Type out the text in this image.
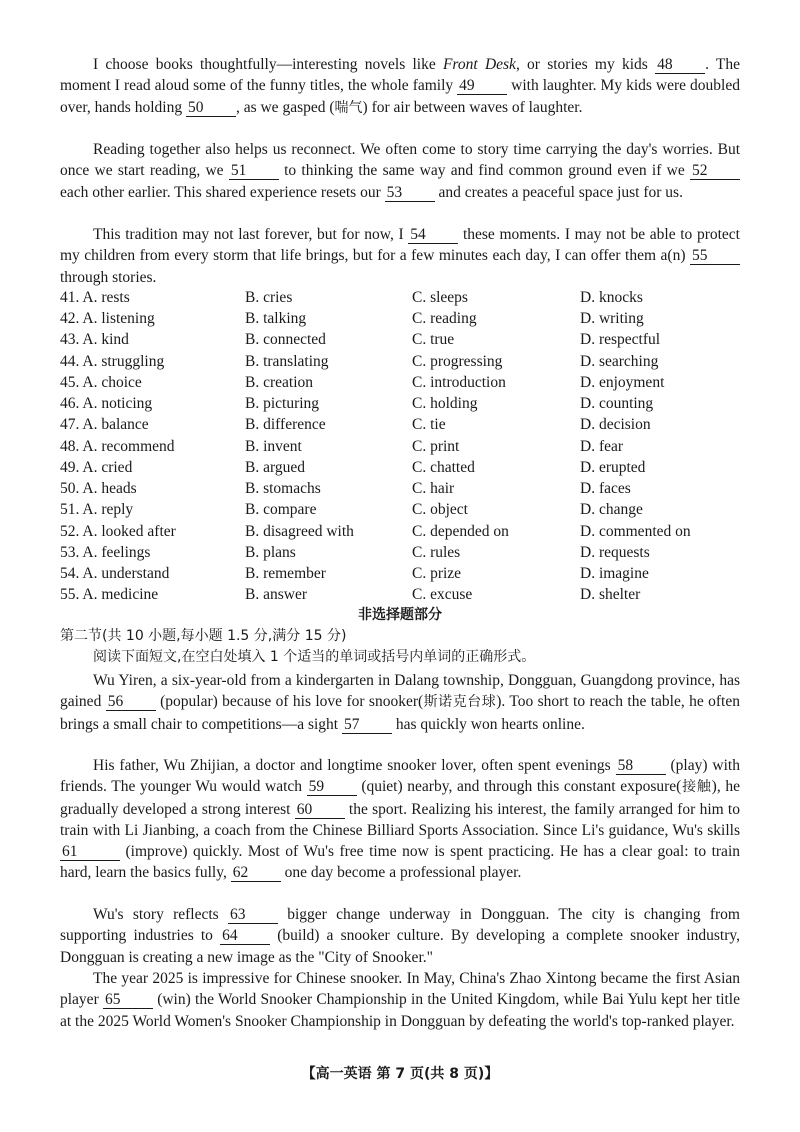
I choose books thoughtfully—interesting novels like Front Desk, or stories my kids 48 . The moment I read aloud some of the funny titles, the whole family 49 with laughter. My kids were doubled over, hands holding 50 , as we gasped (喘气) for air between waves of laughter.

Reading together also helps us reconnect. We often come to story time carrying the day's worries. But once we start reading, we 51 to thinking the same way and find common ground even if we 52 each other earlier. This shared experience resets our 53 and creates a peaceful space just for us.

This tradition may not last forever, but for now, I 54 these moments. I may not be able to protect my children from every storm that life brings, but for a few minutes each day, I can offer them a(n) 55through stories.

41. A. rests	B. cries	C. sleeps	D. knocks
42. A. listening	B. talking	C. reading	D. writing
43. A. kind	B. connected	C. true	D. respectful
44. A. struggling	B. translating	C. progressing	D. searching
45. A. choice	B. creation	C. introduction	D. enjoyment
46. A. noticing	B. picturing	C. holding	D. counting
47. A. balance	B. difference	C. tie	D. decision
48. A. recommend	B. invent	C. print	D. fear
49. A. cried	B. argued	C. chatted	D. erupted
50. A. heads	B. stomachs	C. hair	D. faces
51. A. reply	B. compare	C. object	D. change
52. A. looked after	B. disagreed with	C. depended on	D. commented on
53. A. feelings	B. plans	C. rules	D. requests
54. A. understand	B. remember	C. prize	D. imagine
55. A. medicine	B. answer	C. excuse	D. shelter
非选择题部分
第二节(共 10 小题,每小题 1.5 分,满分 15 分)
阅读下面短文,在空白处填入 1 个适当的单词或括号内单词的正确形式。

Wu Yiren, a six-year-old from a kindergarten in Dalang township, Dongguan, Guangdong province, has gained 56 (popular) because of his love for snooker(斯诺克台球). Too short to reach the table, he often brings a small chair to competitions—a sight 57 has quickly won hearts online.

His father, Wu Zhijian, a doctor and longtime snooker lover, often spent evenings 58 (play) with friends. The younger Wu would watch 59 (quiet) nearby, and through this constant exposure(接触), he gradually developed a strong interest 60 the sport. Realizing his interest, the family arranged for him to train with Li Jianbing, a coach from the Chinese Billiard Sports Association. Since Li's guidance, Wu's skills 61	(improve) quickly. Most of Wu's free time now is spent practicing. He has a clear goal: to train hard, learn the basics fully, 62 one day become a professional player.

Wu's story reflects 63 bigger change underway in Dongguan. The city is changing from supporting industries to 64 (build) a snooker culture. By developing a complete snooker industry, Dongguan is creating a new image as the "City of Snooker."

The year 2025 is impressive for Chinese snooker. In May, China's Zhao Xintong became the first Asian player 65 (win) the World Snooker Championship in the United Kingdom, while Bai Yulu kept her title at the 2025 World Women's Snooker Championship in Dongguan by defeating the world's top-ranked player.

【高一英语 第 7 页(共 8 页)】
